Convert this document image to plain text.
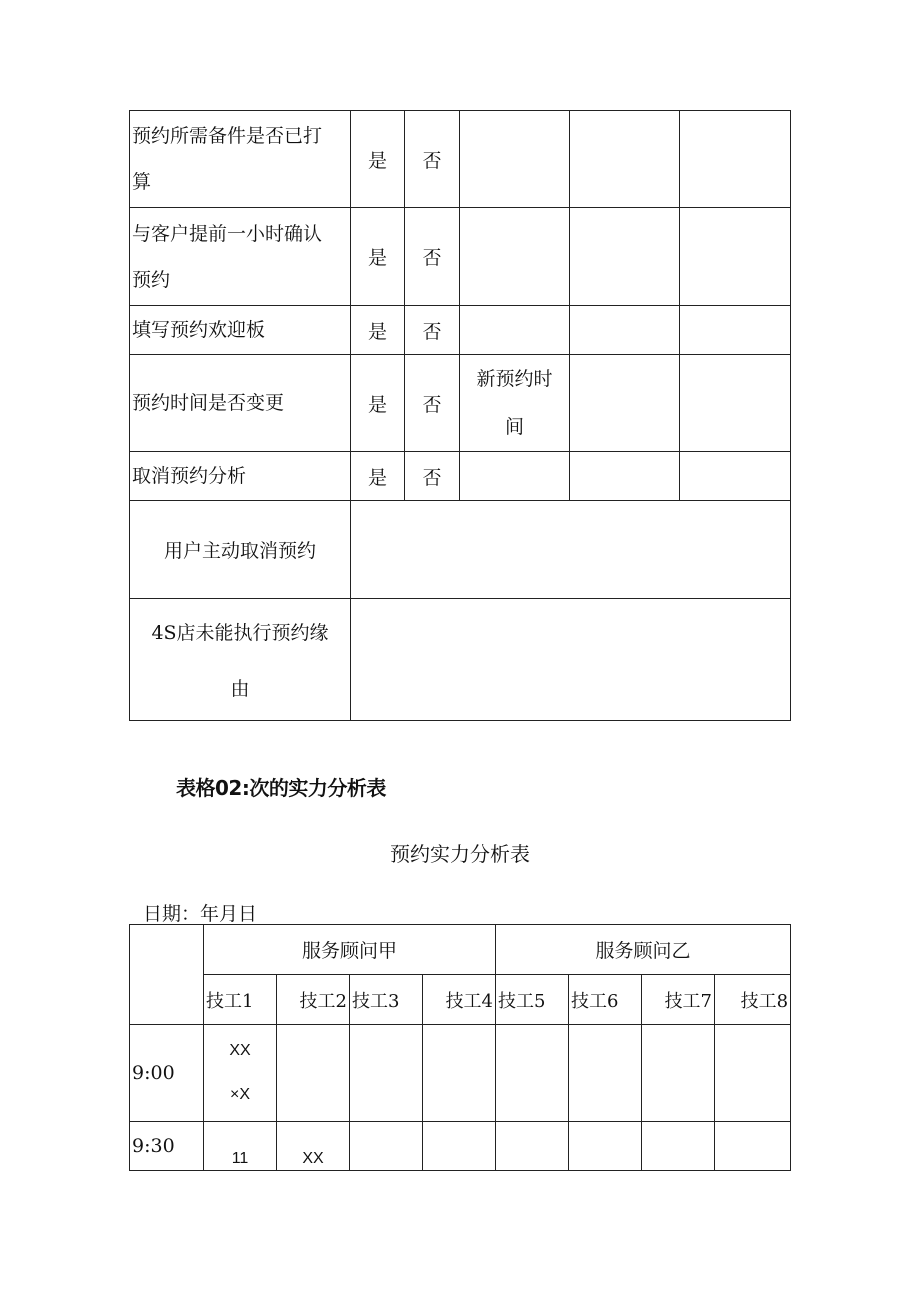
预约所需备件是否已打
算	是	否			

与客户提前一小时确认
预约	是	否			
填写预约欢迎板	是	否			
预约时间是否变更	是	否	新预约时
间		

取消预约分析	是	否			
用户主动取消预约					

4S店未能执行预约缘
由					

表格02:次的实力分析表
预约实力分析表
日期：年月日
	服务顾问甲				服务顾问乙			
	技工1	技工2	技工3	技工4	技工5	技工6	技工7	技工8
9:00	XX
×X							

9:30	11	XX						
